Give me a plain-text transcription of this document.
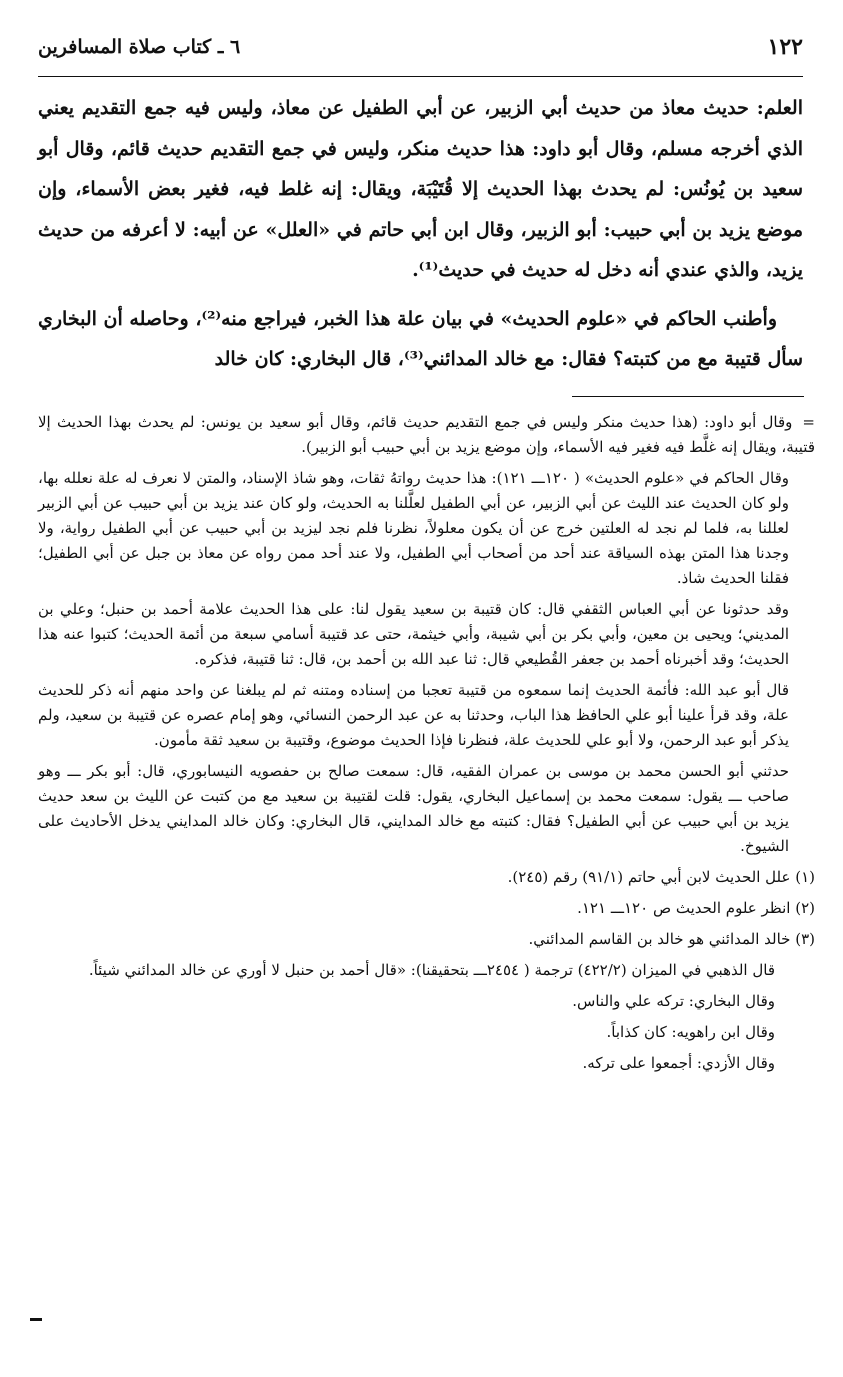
١٢٢
٦ ـ كتاب صلاة المسافرين

العلم: حديث معاذ من حديث أبي الزبير، عن أبي الطفيل عن معاذ، وليس فيه جمع التقديم يعني الذي أخرجه مسلم، وقال أبو داود: هذا حديث منكر، وليس في جمع التقديم حديث قائم، وقال أبو سعيد بن يُونُس: لم يحدث بهذا الحديث إلا قُتَيْبَة، ويقال: إنه غلط فيه، فغير بعض الأسماء، وإن موضع يزيد بن أبي حبيب: أبو الزبير، وقال ابن أبي حاتم في «العلل» عن أبيه: لا أعرفه من حديث يزيد، والذي عندي أنه دخل له حديث في حديث⁽¹⁾.

وأطنب الحاكم في «علوم الحديث» في بيان علة هذا الخبر، فيراجع منه⁽²⁾، وحاصله أن البخاري سأل قتيبة مع من كتبته؟ فقال: مع خالد المدائني⁽³⁾، قال البخاري: كان خالد

=وقال أبو داود: (هذا حديث منكر وليس في جمع التقديم حديث قائم، وقال أبو سعيد بن يونس: لم يحدث بهذا الحديث إلا قتيبة، ويقال إنه غلَّط فيه فغير فيه الأسماء، وإن موضع يزيد بن أبي حبيب أبو الزبير).

وقال الحاكم في «علوم الحديث» ( ١٢٠ـــ ١٢١): هذا حديث رواتهُ ثقات، وهو شاذ الإسناد، والمتن لا نعرف له علة نعلله بها، ولو كان الحديث عند الليث عن أبي الزبير، عن أبي الطفيل لعلَّلنا به الحديث، ولو كان عند يزيد بن أبي حبيب عن أبي الزبير لعللنا به، فلما لم نجد له العلتين خرج عن أن يكون معلولاً، نظرنا فلم نجد ليزيد بن أبي حبيب عن أبي الطفيل رواية، ولا وجدنا هذا المتن بهذه السياقة عند أحد من أصحاب أبي الطفيل، ولا عند أحد ممن رواه عن معاذ بن جبل عن أبي الطفيل؛ فقلنا الحديث شاذ.

وقد حدثونا عن أبي العباس الثقفي قال: كان قتيبة بن سعيد يقول لنا: على هذا الحديث علامة أحمد بن حنبل؛ وعلي بن المديني؛ ويحيى بن معين، وأبي بكر بن أبي شيبة، وأبي خيثمة، حتى عد قتيبة أسامي سبعة من أئمة الحديث؛ كتبوا عنه هذا الحديث؛ وقد أخبرناه أحمد بن جعفر القُطيعي قال: ثنا عبد الله بن أحمد بن، قال: ثنا قتيبة، فذكره.

قال أبو عبد الله: فأئمة الحديث إنما سمعوه من قتيبة تعجبا من إسناده ومتنه ثم لم يبلغنا عن واحد منهم أنه ذكر للحديث علة، وقد قرأ علينا أبو علي الحافظ هذا الباب، وحدثنا به عن عبد الرحمن النسائي، وهو إمام عصره عن قتيبة بن سعيد، ولم يذكر أبو عبد الرحمن، ولا أبو علي للحديث علة، فنظرنا فإذا الحديث موضوع، وقتيبة بن سعيد ثقة مأمون.

حدثني أبو الحسن محمد بن موسى بن عمران الفقيه، قال: سمعت صالح بن حفصويه النيسابوري، قال: أبو بكر ـــ وهو صاحب ـــ يقول: سمعت محمد بن إسماعيل البخاري، يقول: قلت لقتيبة بن سعيد مع من كتبت عن الليث بن سعد حديث يزيد بن أبي حبيب عن أبي الطفيل؟ فقال: كتبته مع خالد المدايني، قال البخاري: وكان خالد المدايني يدخل الأحاديث على الشيوخ.

(١) علل الحديث لابن أبي حاتم (٩١/١) رقم (٢٤٥).

(٢) انظر علوم الحديث ص ١٢٠ـــ ١٢١.

(٣) خالد المدائني هو خالد بن القاسم المدائني.

قال الذهبي في الميزان (٤٢٢/٢) ترجمة ( ٢٤٥٤ـــ بتحقيقنا): «قال أحمد بن حنبل لا أوري عن خالد المدائني شيئاً.

وقال البخاري: تركه علي والناس.

وقال ابن راهويه: كان كذاباً.

وقال الأزدي: أجمعوا على تركه.
